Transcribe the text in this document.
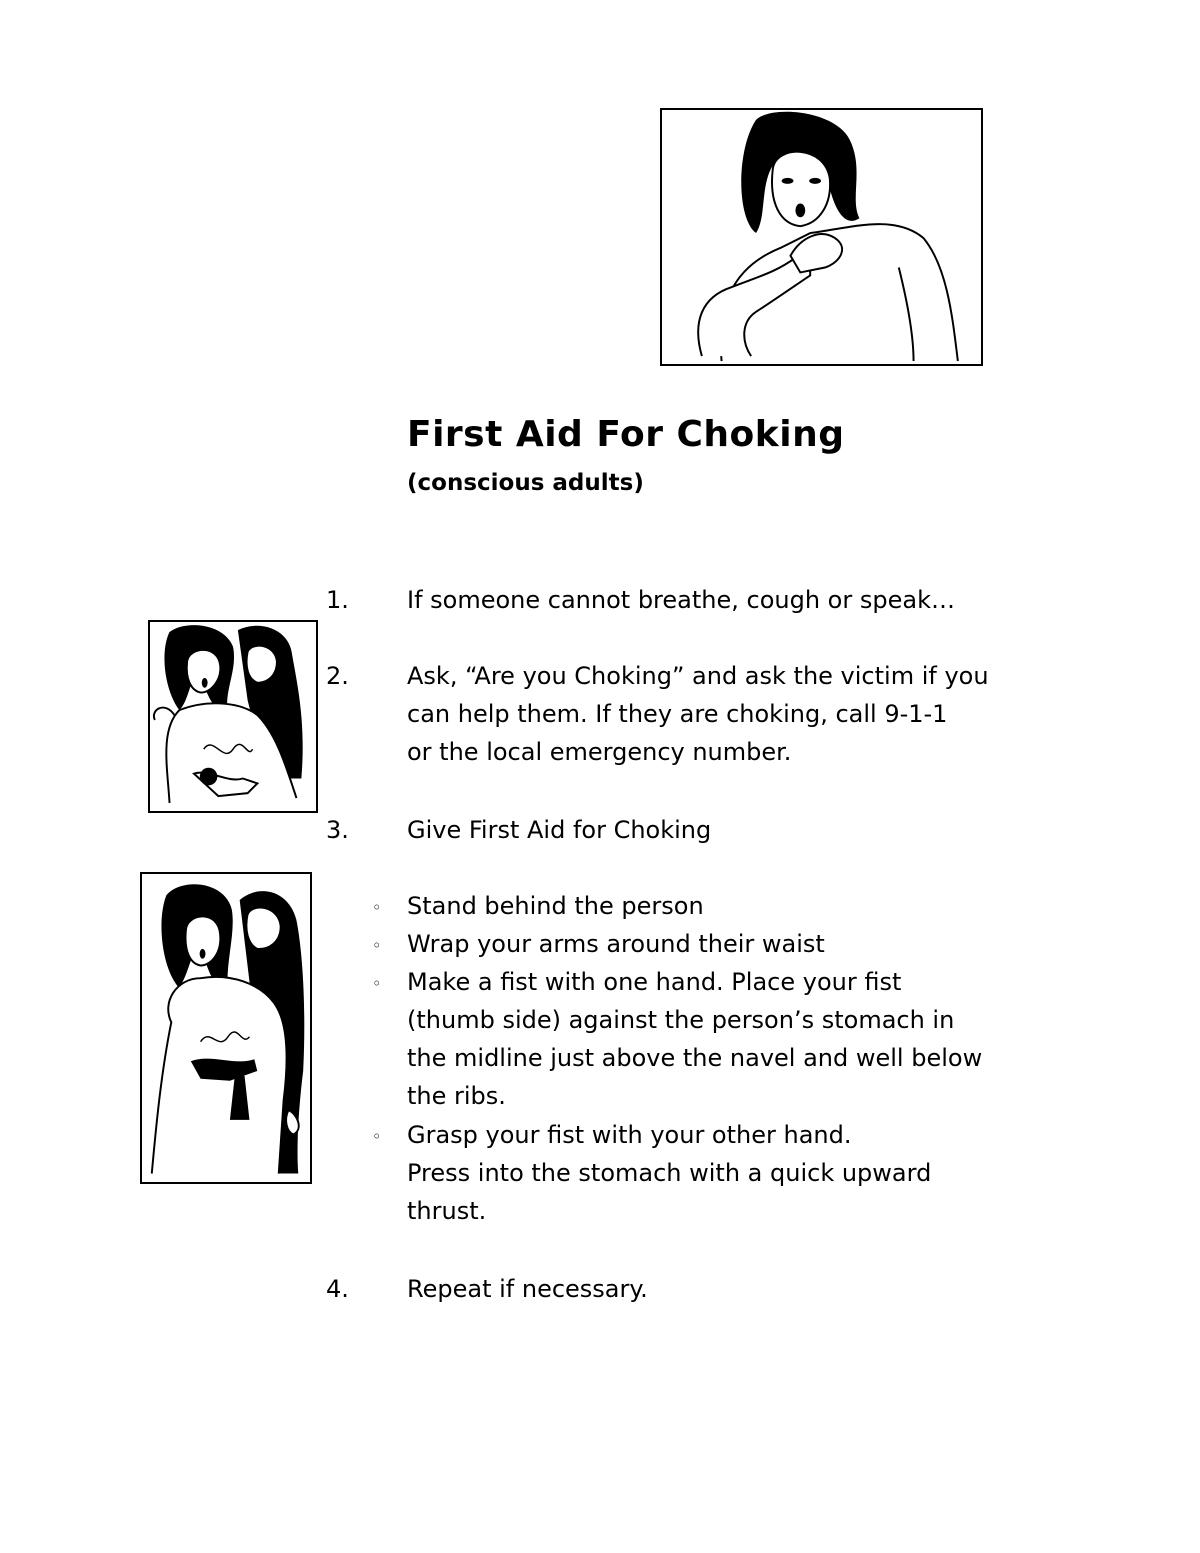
First Aid For Choking
(conscious adults)
1. If someone cannot breathe, cough or speak…
2. Ask, “Are you Choking” and ask the victim if you
can help them. If they are choking, call 9-1-1
or the local emergency number.
3. Give First Aid for Choking
◦ Stand behind the person
◦ Wrap your arms around their waist
◦ Make a fist with one hand. Place your fist
(thumb side) against the person’s stomach in
the midline just above the navel and well below
the ribs.
◦ Grasp your fist with your other hand.
Press into the stomach with a quick upward
thrust.
4. Repeat if necessary.
